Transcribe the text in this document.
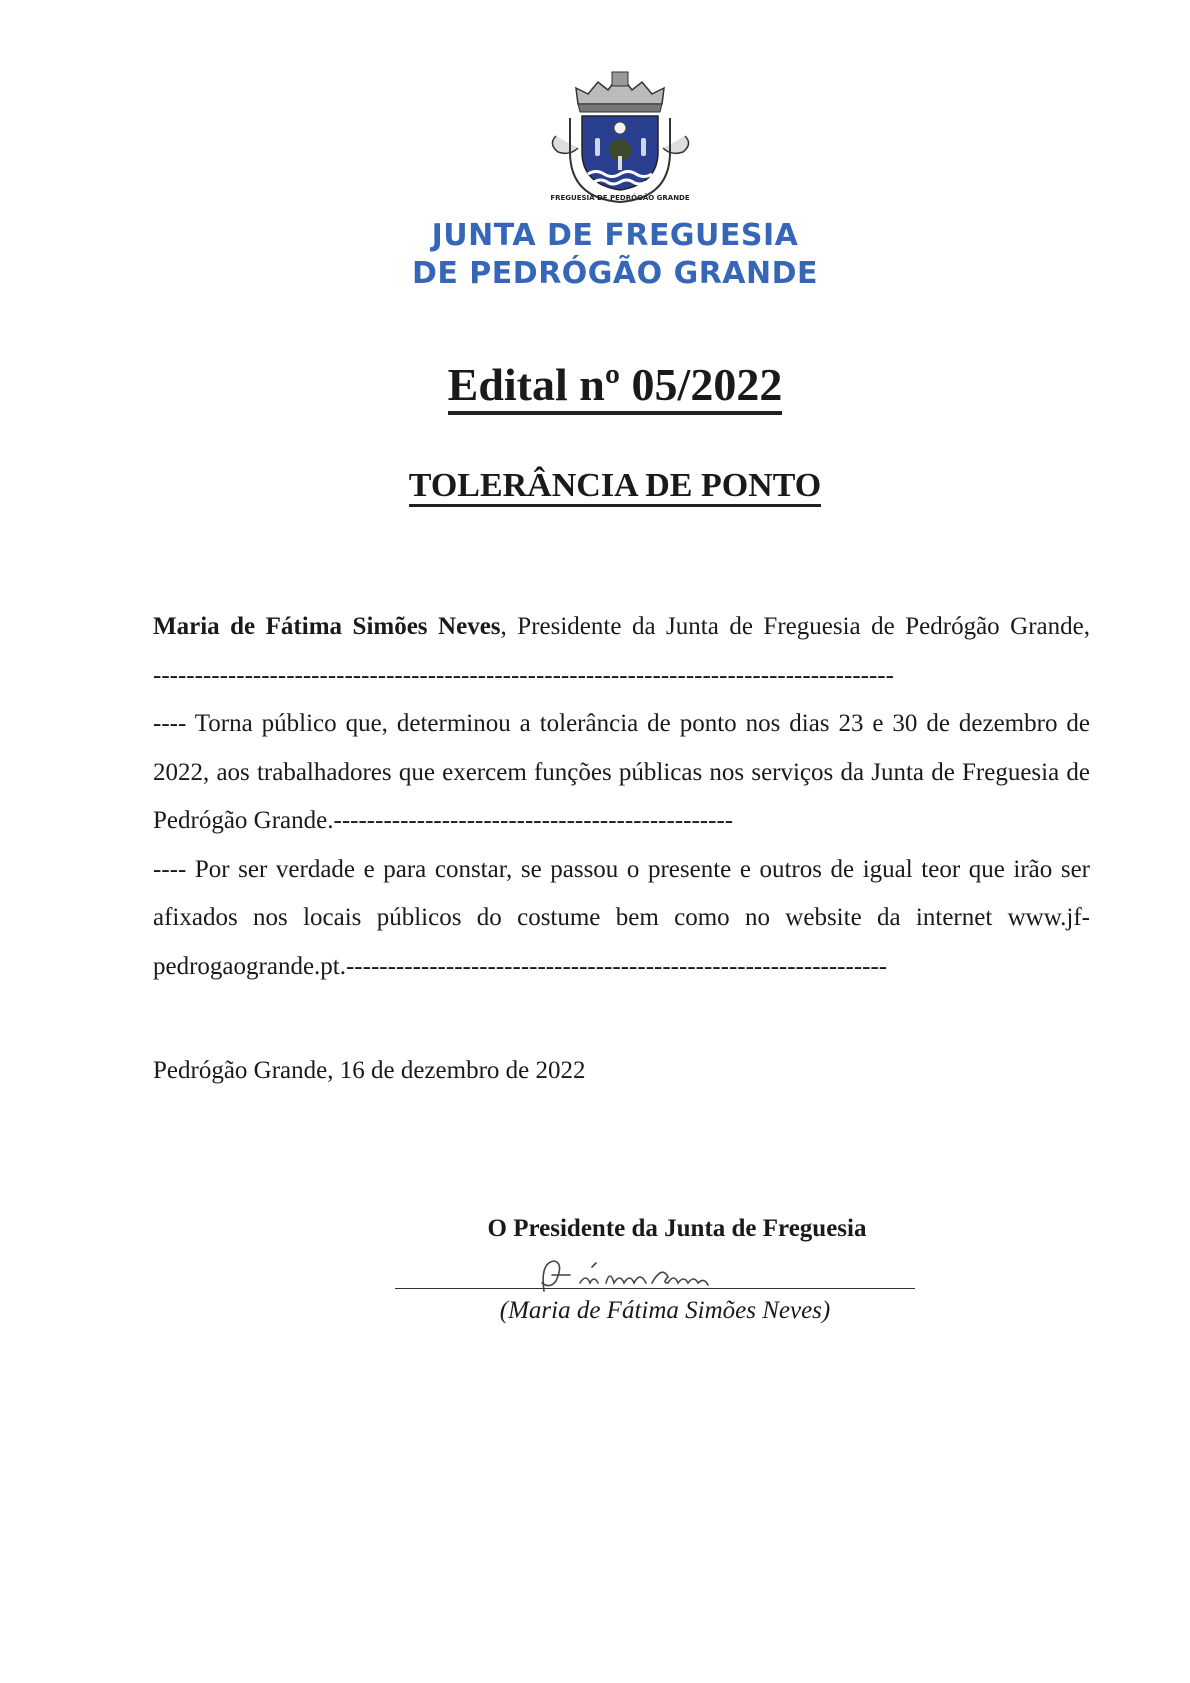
FREGUESIA DE PEDRÓGÃO GRANDE
JUNTA DE FREGUESIA
DE PEDRÓGÃO GRANDE
Edital nº 05/2022
TOLERÂNCIA DE PONTO

Maria de Fátima Simões Neves, Presidente da Junta de Freguesia de Pedrógão Grande, -----------------------------------------------------------------------------------------

---- Torna público que, determinou a tolerância de ponto nos dias 23 e 30 de dezembro de 2022, aos trabalhadores que exercem funções públicas nos serviços da Junta de Freguesia de Pedrógão Grande.------------------------------------------------

---- Por ser verdade e para constar, se passou o presente e outros de igual teor que irão ser afixados nos locais públicos do costume bem como no website da internet www.jf-pedrogaogrande.pt.-----------------------------------------------------------------

Pedrógão Grande, 16 de dezembro de 2022
O Presidente da Junta de Freguesia
(Maria de Fátima Simões Neves)
